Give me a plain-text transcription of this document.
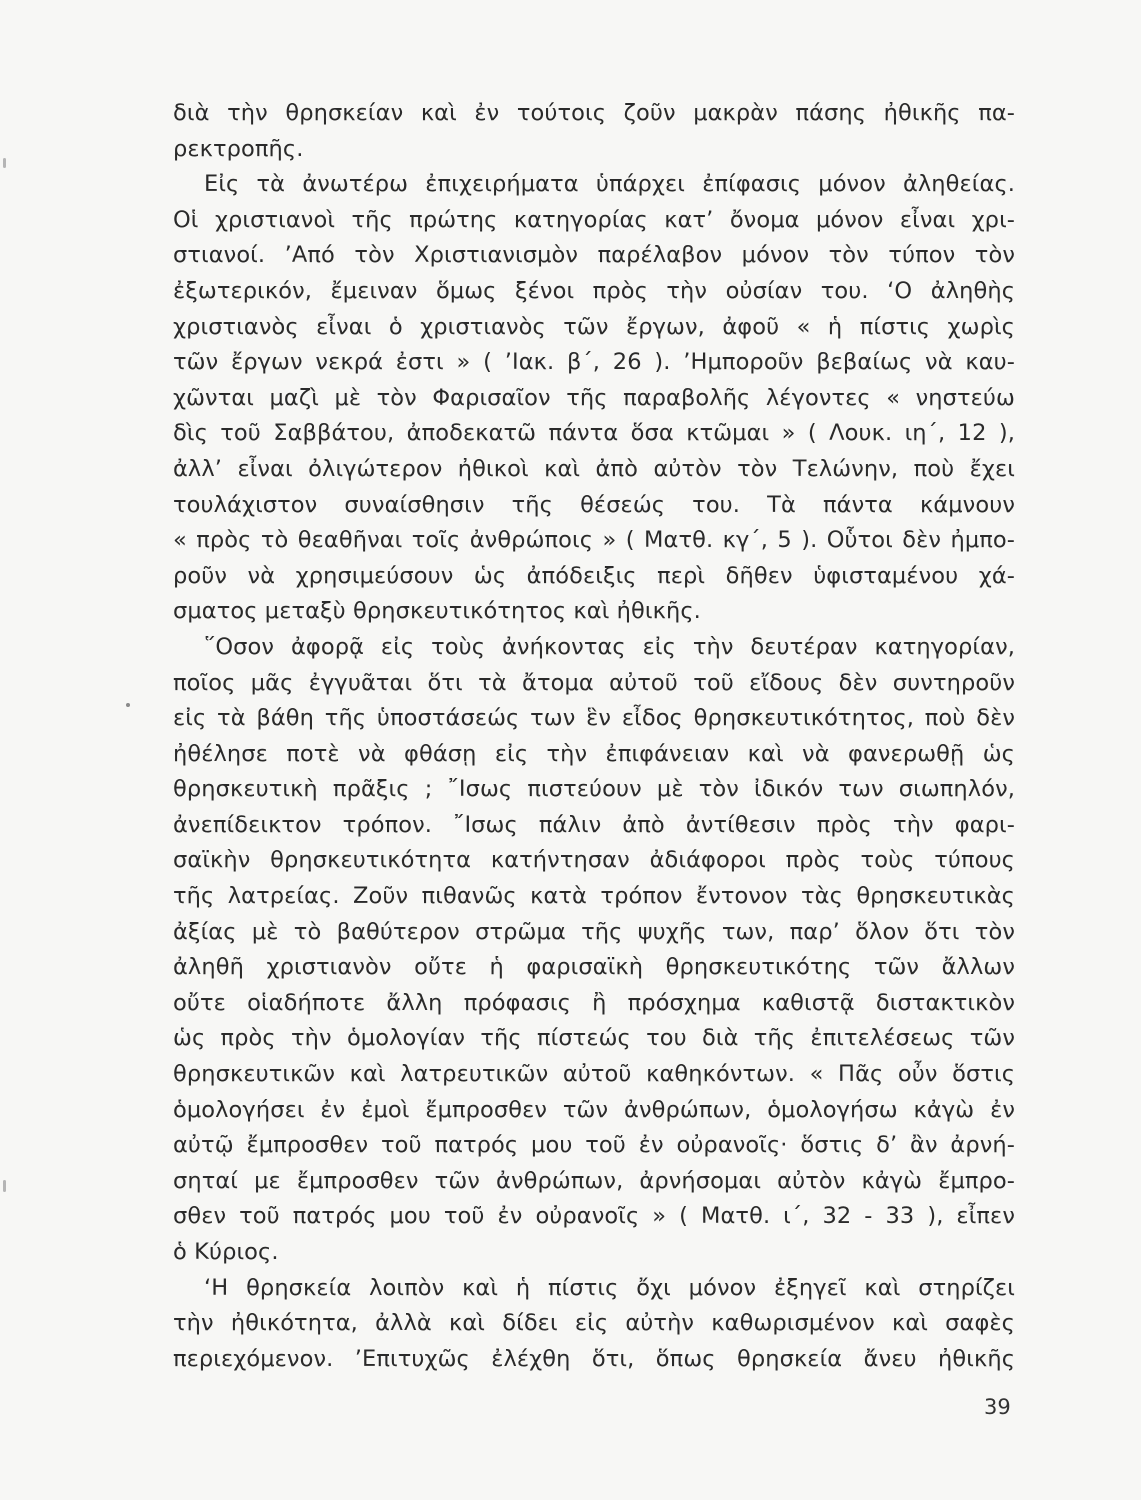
διὰ τὴν θρησκείαν καὶ ἐν τούτοις ζοῦν μακρὰν πάσης ἠθικῆς πα-
ρεκτροπῆς.
Εἰς τὰ ἀνωτέρω ἐπιχειρήματα ὑπάρχει ἐπίφασις μόνον ἀληθείας.
Οἱ χριστιανοὶ τῆς πρώτης κατηγορίας κατ’ ὄνομα μόνον εἶναι χρι-
στιανοί. ’Από τὸν Χριστιανισμὸν παρέλαβον μόνον τὸν τύπον τὸν
ἐξωτερικόν, ἔμειναν ὅμως ξένοι πρὸς τὴν οὐσίαν του. ‘Ο ἀληθὴς
χριστιανὸς εἶναι ὁ χριστιανὸς τῶν ἔργων, ἀφοῦ « ἡ πίστις χωρὶς
τῶν ἔργων νεκρά ἐστι » ( ’Ιακ. β΄, 26 ). ’Ημποροῦν βεβαίως νὰ καυ-
χῶνται μαζὶ μὲ τὸν Φαρισαῖον τῆς παραβολῆς λέγοντες « νηστεύω
δὶς τοῦ Σαββάτου, ἀποδεκατῶ πάντα ὅσα κτῶμαι » ( Λουκ. ιη΄, 12 ),
ἀλλ’ εἶναι ὀλιγώτερον ἠθικοὶ καὶ ἀπὸ αὐτὸν τὸν Τελώνην, ποὺ ἔχει
τουλάχιστον συναίσθησιν τῆς θέσεώς του. Τὰ πάντα κάμνουν
« πρὸς τὸ θεαθῆναι τοῖς ἀνθρώποις » ( Ματθ. κγ΄, 5 ). Οὗτοι δὲν ἠμπο-
ροῦν νὰ χρησιμεύσουν ὡς ἀπόδειξις περὶ δῆθεν ὑφισταμένου χά-
σματος μεταξὺ θρησκευτικότητος καὶ ἠθικῆς.
῞Οσον ἀφορᾷ εἰς τοὺς ἀνήκοντας εἰς τὴν δευτέραν κατηγορίαν,
ποῖος μᾶς ἐγγυᾶται ὅτι τὰ ἄτομα αὐτοῦ τοῦ εἴδους δὲν συντηροῦν
εἰς τὰ βάθη τῆς ὑποστάσεώς των ἓν εἶδος θρησκευτικότητος, ποὺ δὲν
ἠθέλησε ποτὲ νὰ φθάσῃ εἰς τὴν ἐπιφάνειαν καὶ νὰ φανερωθῇ ὡς
θρησκευτικὴ πρᾶξις ; ῎Ισως πιστεύουν μὲ τὸν ἰδικόν των σιωπηλόν,
ἀνεπίδεικτον τρόπον. ῎Ισως πάλιν ἀπὸ ἀντίθεσιν πρὸς τὴν φαρι-
σαϊκὴν θρησκευτικότητα κατήντησαν ἀδιάφοροι πρὸς τοὺς τύπους
τῆς λατρείας. Ζοῦν πιθανῶς κατὰ τρόπον ἔντονον τὰς θρησκευτικὰς
ἀξίας μὲ τὸ βαθύτερον στρῶμα τῆς ψυχῆς των, παρ’ ὅλον ὅτι τὸν
ἀληθῆ χριστιανὸν οὔτε ἡ φαρισαϊκὴ θρησκευτικότης τῶν ἄλλων
οὔτε οἱαδήποτε ἄλλη πρόφασις ἢ πρόσχημα καθιστᾷ διστακτικὸν
ὡς πρὸς τὴν ὁμολογίαν τῆς πίστεώς του διὰ τῆς ἐπιτελέσεως τῶν
θρησκευτικῶν καὶ λατρευτικῶν αὐτοῦ καθηκόντων. « Πᾶς οὖν ὅστις
ὁμολογήσει ἐν ἐμοὶ ἔμπροσθεν τῶν ἀνθρώπων, ὁμολογήσω κἀγὼ ἐν
αὐτῷ ἔμπροσθεν τοῦ πατρός μου τοῦ ἐν οὐρανοῖς· ὅστις δ’ ἂν ἀρνή-
σηταί με ἔμπροσθεν τῶν ἀνθρώπων, ἀρνήσομαι αὐτὸν κἀγὼ ἔμπρο-
σθεν τοῦ πατρός μου τοῦ ἐν οὐρανοῖς » ( Ματθ. ι΄, 32 - 33 ), εἶπεν
ὁ Κύριος.
‘Η θρησκεία λοιπὸν καὶ ἡ πίστις ὄχι μόνον ἐξηγεῖ καὶ στηρίζει
τὴν ἠθικότητα, ἀλλὰ καὶ δίδει εἰς αὐτὴν καθωρισμένον καὶ σαφὲς
περιεχόμενον. ’Επιτυχῶς ἐλέχθη ὅτι, ὅπως θρησκεία ἄνευ ἠθικῆς
39
